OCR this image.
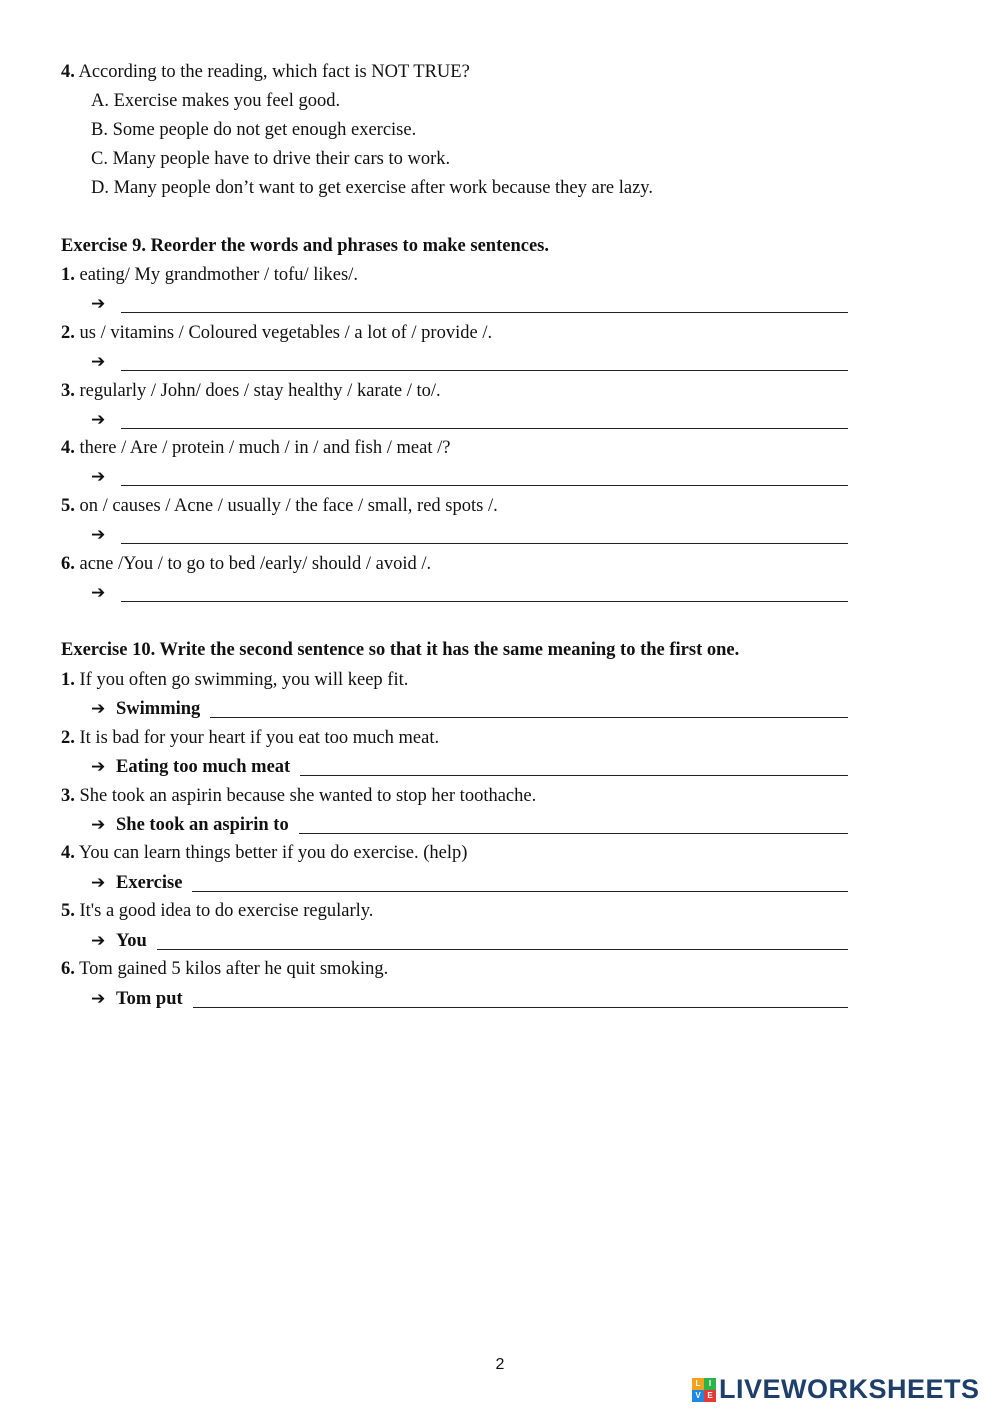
4. According to the reading, which fact is NOT TRUE?
A. Exercise makes you feel good.
B. Some people do not get enough exercise.
C. Many people have to drive their cars to work.
D. Many people don’t want to get exercise after work because they are lazy.
Exercise 9. Reorder the words and phrases to make sentences.
1. eating/ My grandmother / tofu/ likes/.
➔
2. us / vitamins / Coloured vegetables / a lot of / provide /.
➔
3. regularly / John/ does / stay healthy / karate / to/.
➔
4. there / Are / protein / much / in / and fish / meat /?
➔
5. on / causes / Acne / usually / the face / small, red spots /.
➔
6. acne /You / to go to bed /early/ should / avoid /.
➔
Exercise 10. Write the second sentence so that it has the same meaning to the first one.
1. If you often go swimming, you will keep fit.
➔ Swimming
2. It is bad for your heart if you eat too much meat.
➔ Eating too much meat
3. She took an aspirin because she wanted to stop her toothache.
➔ She took an aspirin to
4. You can learn things better if you do exercise. (help)
➔ Exercise
5. It's a good idea to do exercise regularly.
➔ You
6. Tom gained 5 kilos after he quit smoking.
➔ Tom put
2
L	I
V E LIVEWORKSHEETS
